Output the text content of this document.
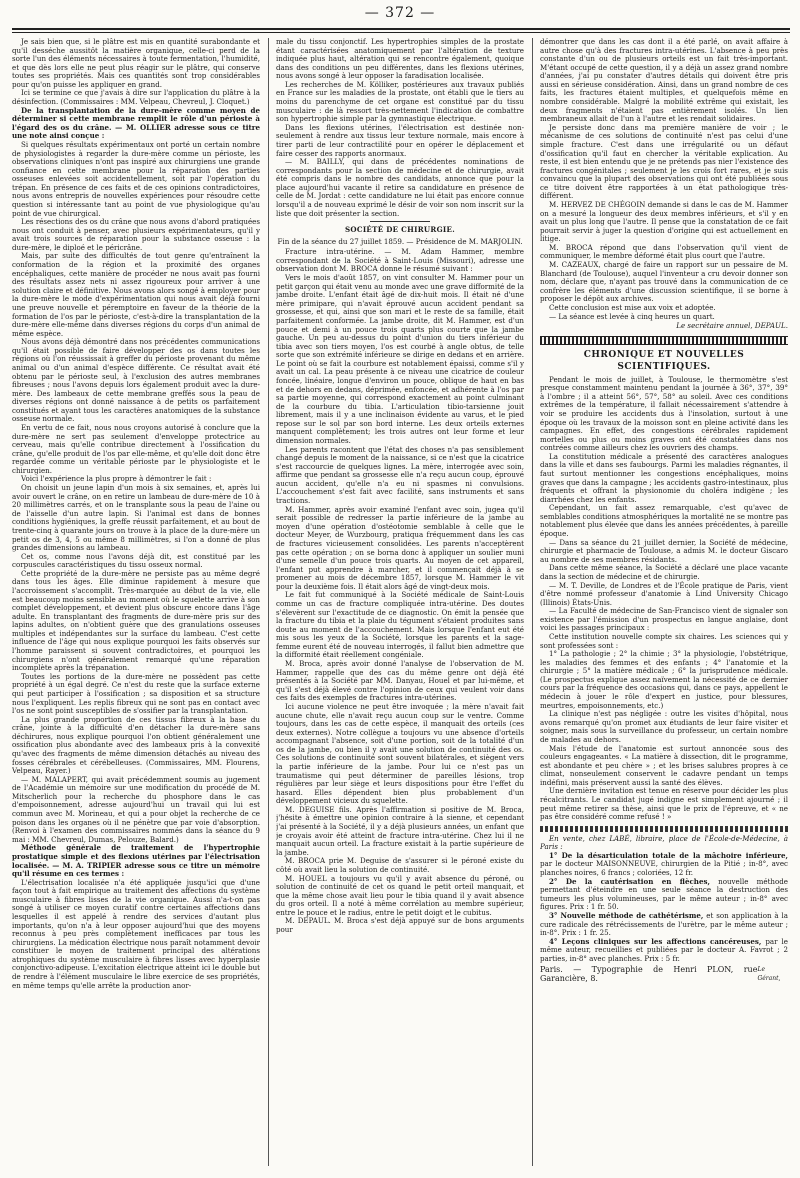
— 372 —

Je sais bien que, si le plâtre est mis en quantité surabondante et qu'il desséche aussitôt la matière organique, celle-ci perd de la sorte l'un des éléments nécessaires à toute fermentation, l'humidité, et que dès lors elle ne peut plus réagir sur le plâtre, qui conserve toutes ses propriétés. Mais ces quantités sont trop considérables pour qu'on puisse les appliquer en grand.

Ici se termine ce que j'avais à dire sur l'application du plâtre à la désinfection. (Commissaires : MM. Velpeau, Chevreul, J. Cloquet.)

De la transplantation de la dure-mère comme moyen de déterminer si cette membrane remplit le rôle d'un périoste à l'égard des os du crâne. — M. OLLIER adresse sous ce titre une note ainsi conçue :

Si quelques résultats expérimentaux ont porté un certain nombre de physiologistes à regarder la dure-mère comme un périoste, les observations cliniques n'ont pas inspiré aux chirurgiens une grande confiance en cette membrane pour la réparation des parties osseuses enlevées soit accidentellement, soit par l'opération du trépan. En présence de ces faits et de ces opinions contradictoires, nous avons entrepris de nouvelles expériences pour résoudre cette question si intéressante tant au point de vue physiologique qu'au point de vue chirurgical.

Les résections des os du crâne que nous avons d'abord pratiquées nous ont conduit à penser, avec plusieurs expérimentateurs, qu'il y avait trois sources de réparation pour la substance osseuse : la dure-mère, le diploé et le péricrâne.

Mais, par suite des difficultés de tout genre qu'entraînent la conformation de la région et la proximité des organes encéphaliques, cette manière de procéder ne nous avait pas fourni des résultats assez nets ni assez rigoureux pour arriver à une solution claire et définitive. Nous avons alors songé à employer pour la dure-mère le mode d'expérimentation qui nous avait déjà fourni une preuve nouvelle et péremptoire en faveur de la théorie de la formation de l'os par le périoste, c'est-à-dire la transplantation de la dure-mère elle-même dans diverses régions du corps d'un animal de même espèce.

Nous avons déjà démontré dans nos précédentes communications qu'il était possible de faire développer des os dans toutes les régions où l'on réussissait à greffer du périoste provenant du même animal ou d'un animal d'espèce différente. Ce résultat avait été obtenu par le périoste seul, à l'exclusion des autres membranes fibreuses ; nous l'avons depuis lors également produit avec la dure-mère. Des lambeaux de cette membrane greffés sous la peau de diverses régions ont donné naissance à de petits os parfaitement constitués et ayant tous les caractères anatomiques de la substance osseuse normale.

En vertu de ce fait, nous nous croyons autorisé à conclure que la dure-mère ne sert pas seulement d'enveloppe protectrice au cerveau, mais qu'elle contribue directement à l'ossification du crâne, qu'elle produit de l'os par elle-même, et qu'elle doit donc être regardée comme un véritable périoste par le physiologiste et le chirurgien.

Voici l'expérience la plus propre à démontrer le fait :

On choisit un jeune lapin d'un mois à six semaines, et, après lui avoir ouvert le crâne, on en retire un lambeau de dure-mère de 10 à 20 millimètres carrés, et on le transplante sous la peau de l'aine ou de l'aisselle d'un autre lapin. Si l'animal est dans de bonnes conditions hygiéniques, la greffe réussit parfaitement, et au bout de trente-cinq à quarante jours on trouve à la place de la dure-mère un petit os de 3, 4, 5 ou même 8 millimètres, si l'on a donné de plus grandes dimensions au lambeau.

Cet os, comme nous l'avons déjà dit, est constitué par les corpuscules caractéristiques du tissu osseux normal.

Cette propriété de la dure-mère ne persiste pas au même degré dans tous les âges. Elle diminue rapidement à mesure que l'accroissement s'accomplit. Très-marquée au début de la vie, elle est beaucoup moins sensible au moment où le squelette arrive à son complet développement, et devient plus obscure encore dans l'âge adulte. En transplantant des fragments de dure-mère pris sur des lapins adultes, on n'obtient guère que des granulations osseuses multiples et indépendantes sur la surface du lambeau. C'est cette influence de l'âge qui nous explique pourquoi les faits observés sur l'homme paraissent si souvent contradictoires, et pourquoi les chirurgiens n'ont généralement remarqué qu'une réparation incomplète après la trépanation.

Toutes les portions de la dure-mère ne possèdent pas cette propriété à un égal degré. Ce n'est du reste que la surface externe qui peut participer à l'ossification ; sa disposition et sa structure nous l'expliquent. Les replis fibreux qui ne sont pas en contact avec l'os ne sont point susceptibles de s'ossifier par la transplantation.

La plus grande proportion de ces tissus fibreux à la base du crâne, jointe à la difficulté d'en détacher la dure-mère sans déchirures, nous explique pourquoi l'on obtient généralement une ossification plus abondante avec des lambeaux pris à la convexité qu'avec des fragments de même dimension détachés au niveau des fosses cérébrales et cérébelleuses. (Commissaires, MM. Flourens, Velpeau, Rayer.)

— M. MALAPERT, qui avait précédemment soumis au jugement de l'Académie un mémoire sur une modification du procédé de M. Mitscherlich pour la recherche du phosphore dans le cas d'empoisonnement, adresse aujourd'hui un travail qui lui est commun avec M. Morineau, et qui a pour objet la recherche de ce poison dans les organes où il ne pénètre que par voie d'absorption. (Renvoi à l'examen des commissaires nommés dans la séance du 9 mai : MM. Chevreul, Dumas, Pelouze, Balard.)

Méthode générale de traitement de l'hypertrophie prostatique simple et des flexions utérines par l'électrisation localisée. — M. A. TRIPIER adresse sous ce titre un mémoire qu'il résume en ces termes :

L'électrisation localisée n'a été appliquée jusqu'ici que d'une façon tout à fait empirique au traitement des affections du système musculaire à fibres lisses de la vie organique. Aussi n'a-t-on pas songé à utiliser ce moyen curatif contre certaines affections dans lesquelles il est appelé à rendre des services d'autant plus importants, qu'on n'a à leur opposer aujourd'hui que des moyens reconnus à peu près complètement inefficaces par tous les chirurgiens. La médication électrique nous paraît notamment devoir constituer le moyen de traitement principal des altérations atrophiques du système musculaire à fibres lisses avec hyperplasie conjonctivo-adipeuse. L'excitation électrique atteint ici le double but de rendre à l'élément musculaire le libre exercice de ses propriétés, en même temps qu'elle arrête la production anor-

male du tissu conjonctif. Les hypertrophies simples de la prostate étant caractérisées anatomiquement par l'altération de texture indiquée plus haut, altération qui se rencontre également, quoique dans des conditions un peu différentes, dans les flexions utérines, nous avons songé à leur opposer la faradisation localisée.

Les recherches de M. Kölliker, postérieures aux travaux publiés en France sur les maladies de la prostate, ont établi que le tiers au moins du parenchyme de cet organe est constitué par du tissu musculaire : de là ressort très-nettement l'indication de combattre son hypertrophie simple par la gymnastique électrique.

Dans les flexions utérines, l'électrisation est destinée non-seulement à rendre aux tissus leur texture normale, mais encore à tirer parti de leur contractilité pour en opérer le déplacement et faire cesser des rapports anormaux.

— M. BAILLY, qui dans de précédentes nominations de correspondants pour la section de médecine et de chirurgie, avait été compris dans le nombre des candidats, annonce que pour la place aujourd'hui vacante il retire sa candidature en présence de celle de M. Jordat : cette candidature ne lui était pas encore connue lorsqu'il a de nouveau exprimé le désir de voir son nom inscrit sur la liste que doit présenter la section.

SOCIÉTÉ DE CHIRURGIE.
Fin de la séance du 27 juillet 1859. — Présidence de M. MARJOLIN.

Fracture intra-utérine. — M. Adam Hammer, membre correspondant de la Société à Saint-Louis (Missouri), adresse une observation dont M. BROCA donne le résumé suivant :

Vers le mois d'août 1857, on vint consulter M. Hammer pour un petit garçon qui était venu au monde avec une grave difformité de la jambe droite. L'enfant était âgé de dix-huit mois. Il était né d'une mère primipare, qui n'avait éprouvé aucun accident pendant sa grossesse, et qui, ainsi que son mari et le reste de sa famille, était parfaitement conformée. La jambe droite, dit M. Hammer, est d'un pouce et demi à un pouce trois quarts plus courte que la jambe gauche. Un peu au-dessus du point d'union du tiers inférieur du tibia avec son tiers moyen, l'os est courbé à angle obtus, de telle sorte que son extrémité inférieure se dirige en dedans et en arrière. Le point où se fait la courbure est notablement épaissi, comme s'il y avait un cal. La peau présente à ce niveau une cicatrice de couleur foncée, linéaire, longue d'environ un pouce, oblique de haut en bas et de dehors en dedans, déprimée, enfoncée, et adhérente à l'os par sa partie moyenne, qui correspond exactement au point culminant de la courbure du tibia. L'articulation tibio-tarsienne jouit librement, mais il y a une inclinaison évidente au varus, et le pied repose sur le sol par son bord interne. Les deux orteils externes manquent complètement; les trois autres ont leur forme et leur dimension normales.

Les parents racontent que l'état des choses n'a pas sensiblement changé depuis le moment de la naissance, si ce n'est que la cicatrice s'est raccourcie de quelques lignes. La mère, interrogée avec soin, affirme que pendant sa grossesse elle n'a reçu aucun coup, éprouvé aucun accident, qu'elle n'a eu ni spasmes ni convulsions. L'accouchement s'est fait avec facilité, sans instruments et sans tractions.

M. Hammer, après avoir examiné l'enfant avec soin, jugea qu'il serait possible de redresser la partie inférieure de la jambe au moyen d'une opération d'ostéotomie semblable à celle que le docteur Meyer, de Wurzbourg, pratiqua fréquemment dans les cas de fractures vicieusement consolidées. Les parents n'acceptèrent pas cette opération ; on se borna donc à appliquer un soulier muni d'une semelle d'un pouce trois quarts. Au moyen de cet appareil, l'enfant put apprendre à marcher, et il commençait déjà à se promener au mois de décembre 1857, lorsque M. Hammer le vit pour la deuxième fois. Il était alors âgé de vingt-deux mois.

Le fait fut communiqué à la Société médicale de Saint-Louis comme un cas de fracture compliquée intra-utérine. Des doutes s'élevèrent sur l'exactitude de ce diagnostic. On émit la pensée que la fracture du tibia et la plaie du tégument s'étaient produites sans doute au moment de l'accouchement. Mais lorsque l'enfant eut été mis sous les yeux de la Société, lorsque les parents et la sage-femme eurent été de nouveau interrogés, il fallut bien admettre que la difformité était réellement congéniale.

M. Broca, après avoir donné l'analyse de l'observation de M. Hammer, rappelle que des cas du même genre ont déjà été présentés à la Société par MM. Danyau, Houel et par lui-même, et qu'il s'est déjà élevé contre l'opinion de ceux qui veulent voir dans ces faits des exemples de fractures intra-utérines.

Ici aucune violence ne peut être invoquée ; la mère n'avait fait aucune chute, elle n'avait reçu aucun coup sur le ventre. Comme toujours, dans les cas de cette espèce, il manquait des orteils (ces deux externes). Notre collègue a toujours vu une absence d'orteils accompagnant l'absence, soit d'une portion, soit de la totalité d'un os de la jambe, ou bien il y avait une solution de continuité des os. Ces solutions de continuité sont souvent bilatérales, et siègent vers la partie inférieure de la jambe. Pour lui ce n'est pas un traumatisme qui peut déterminer de pareilles lésions, trop régulières par leur siège et leurs dispositions pour être l'effet du hasard. Elles dépendent bien plus probablement d'un développement vicieux du squelette.

M. DEGUISE fils. Après l'affirmation si positive de M. Broca, j'hésite à émettre une opinion contraire à la sienne, et cependant j'ai présenté à la Société, il y a déjà plusieurs années, un enfant que je croyais avoir été atteint de fracture intra-utérine. Chez lui il ne manquait aucun orteil. La fracture existait à la partie supérieure de la jambe.

M. BROCA prie M. Deguise de s'assurer si le péroné existe du côté où avait lieu la solution de continuité.

M. HOUEL a toujours vu qu'il y avait absence du péroné, ou solution de continuité de cet os quand le petit orteil manquait, et que la même chose avait lieu pour le tibia quand il y avait absence du gros orteil. Il a noté à même corrélation au membre supérieur, entre le pouce et le radius, entre le petit doigt et le cubitus.

M. DEPAUL. M. Broca s'est déjà appuyé sur de bons arguments pour

démontrer que dans les cas dont il a été parlé, on avait affaire à autre chose qu'à des fractures intra-utérines. L'absence à peu près constante d'un ou de plusieurs orteils est un fait très-important. M'étant occupé de cette question, il y a déjà un assez grand nombre d'années, j'ai pu constater d'autres détails qui doivent être pris aussi en sérieuse considération. Ainsi, dans un grand nombre de ces faits, les fractures étaient multiples, et quelquefois même en nombre considérable. Malgré la mobilité extrême qui existait, les deux fragments n'étaient pas entièrement isolés. Un lien membraneux allait de l'un à l'autre et les rendait solidaires.

Je persiste donc dans ma première manière de voir ; le mécanisme de ces solutions de continuité n'est pas celui d'une simple fracture. C'est dans une irrégularité ou un défaut d'ossification qu'il faut en chercher la véritable explication. Au reste, il est bien entendu que je ne prétends pas nier l'existence des fractures congénitales ; seulement je les crois fort rares, et je suis convaincu que la plupart des observations qui ont été publiées sous ce titre doivent être rapportées à un état pathologique très-différent.

M. HERVEZ DE CHÉGOIN demande si dans le cas de M. Hammer on a mesuré la longueur des deux membres inférieurs, et s'il y en avait un plus long que l'autre. Il pense que la constatation de ce fait pourrait servir à juger la question d'origine qui est actuellement en litige.

M. BROCA répond que dans l'observation qu'il vient de communiquer, le membre déformé était plus court que l'autre.

M. CAZEAUX, chargé de faire un rapport sur un pessaire de M. Blanchard (de Toulouse), auquel l'inventeur a cru devoir donner son nom, déclare que, n'ayant pas trouvé dans la communication de ce confrère les éléments d'une discussion scientifique, il se borne à proposer le dépôt aux archives.

Cette conclusion est mise aux voix et adoptée.

— La séance est levée à cinq heures un quart.

Le secrétaire annuel, DEPAUL.
CHRONIQUE ET NOUVELLES SCIENTIFIQUES.

Pendant le mois de juillet, à Toulouse, le thermomètre s'est presque constamment maintenu pendant la journée à 36°, 37°, 39° à l'ombre ; il a atteint 56°, 57°, 58° au soleil. Avec ces conditions extrêmes de la température, il fallait nécessairement s'attendre à voir se produire les accidents dus à l'insolation, surtout à une époque où les travaux de la moisson sont en pleine activité dans les campagnes. En effet, des congestions cérébrales rapidement mortelles ou plus ou moins graves ont été constatées dans nos contrées comme ailleurs chez les ouvriers des champs.

La constitution médicale a présenté des caractères analogues dans la ville et dans ses faubourgs. Parmi les maladies régnantes, il faut surtout mentionner les congestions encéphaliques, moins graves que dans la campagne ; les accidents gastro-intestinaux, plus fréquents et offrant la physionomie du choléra indigène ; les diarrhées chez les enfants.

Cependant, un fait assez remarquable, c'est qu'avec de semblables conditions atmosphériques la mortalité ne se montre pas notablement plus élevée que dans les années précédentes, à pareille époque.

— Dans sa séance du 21 juillet dernier, la Société de médecine, chirurgie et pharmacie de Toulouse, a admis M. le docteur Giscaro au nombre de ses membres résidants.

Dans cette même séance, la Société a déclaré une place vacante dans la section de médecine et de chirurgie.

— M. T. Deville, de Londres et de l'École pratique de Paris, vient d'être nommé professeur d'anatomie à Lind University Chicago (Illinois) États-Unis.

— La Faculté de médecine de San-Francisco vient de signaler son existence par l'émission d'un prospectus en langue anglaise, dont voici les passages principaux :

Cette institution nouvelle compte six chaires. Les sciences qui y sont professées sont :

1° La pathologie ; 2° la chimie ; 3° la physiologie, l'obstétrique, les maladies des femmes et des enfants ; 4° l'anatomie et la chirurgie ; 5° la matière médicale ; 6° la jurisprudence médicale. (Le prospectus explique assez naïvement la nécessité de ce dernier cours par la fréquence des occasions qui, dans ce pays, appellent le médecin à jouer le rôle d'expert en justice, pour blessures, meurtres, empoisonnements, etc.)

La clinique n'est pas négligée : outre les visites d'hôpital, nous avons remarqué qu'on promet aux étudiants de leur faire visiter et soigner, mais sous la surveillance du professeur, un certain nombre de malades au dehors.

Mais l'étude de l'anatomie est surtout annoncée sous des couleurs engageantes. « La matière à dissection, dit le programme, est abondante et peu chère » ; et les brises salubres propres à ce climat, nonseulement conservent le cadavre pendant un temps indéfini, mais préservent aussi la santé des élèves.

Une dernière invitation est tenue en réserve pour décider les plus récalcitrants. Le candidat jugé indigne est simplement ajourné ; il peut même retirer sa thèse, ainsi que le prix de l'épreuve, et « ne pas être considéré comme refusé ! »

En vente, chez LABÉ, libraire, place de l'École-de-Médecine, à Paris :

1° De la désarticulation totale de la mâchoire inférieure, par le docteur MAISONNEUVE, chirurgien de la Pitié ; in-8°, avec planches noires, 6 francs ; coloriées, 12 fr.

2° De la cautérisation en flèches, nouvelle méthode permettant d'éteindre en une seule séance la destruction des tumeurs les plus volumineuses, par le même auteur ; in-8° avec figures. Prix : 1 fr. 50.

3° Nouvelle méthode de cathétérisme, et son application à la cure radicale des rétrécissements de l'urètre, par le même auteur ; in-8°. Prix : 1 fr. 25.

4° Leçons cliniques sur les affections cancéreuses, par le même auteur, recueillies et publiées par le docteur A. Favrot ; 2 parties, in-8° avec planches. Prix : 5 fr.

Paris. — Typographie de Henri PLON, rue Garancière, 8.
Le Gérant,
